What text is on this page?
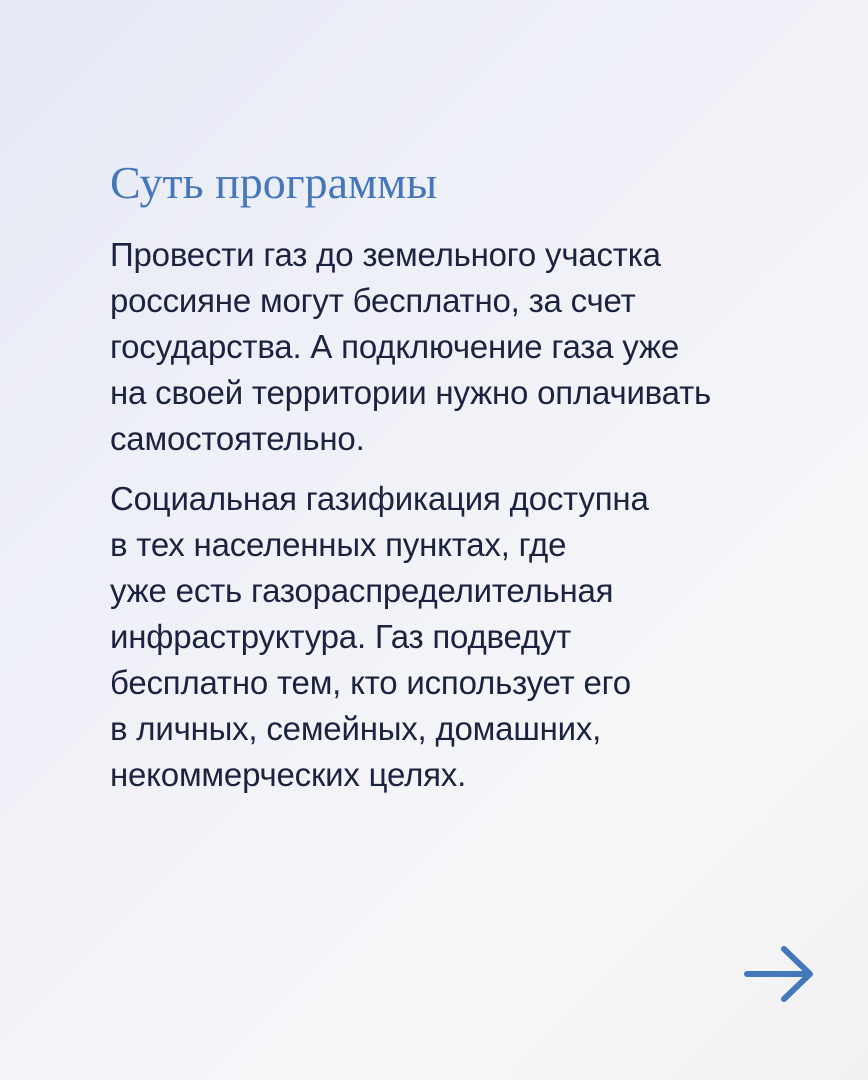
Суть программы

Провести газ до земельного участка
россияне могут бесплатно, за счет
государства. А подключение газа уже
на своей территории нужно оплачивать
самостоятельно.

Социальная газификация доступна
в тех населенных пунктах, где
уже есть газораспределительная
инфраструктура. Газ подведут
бесплатно тем, кто использует его
в личных, семейных, домашних,
некоммерческих целях.
